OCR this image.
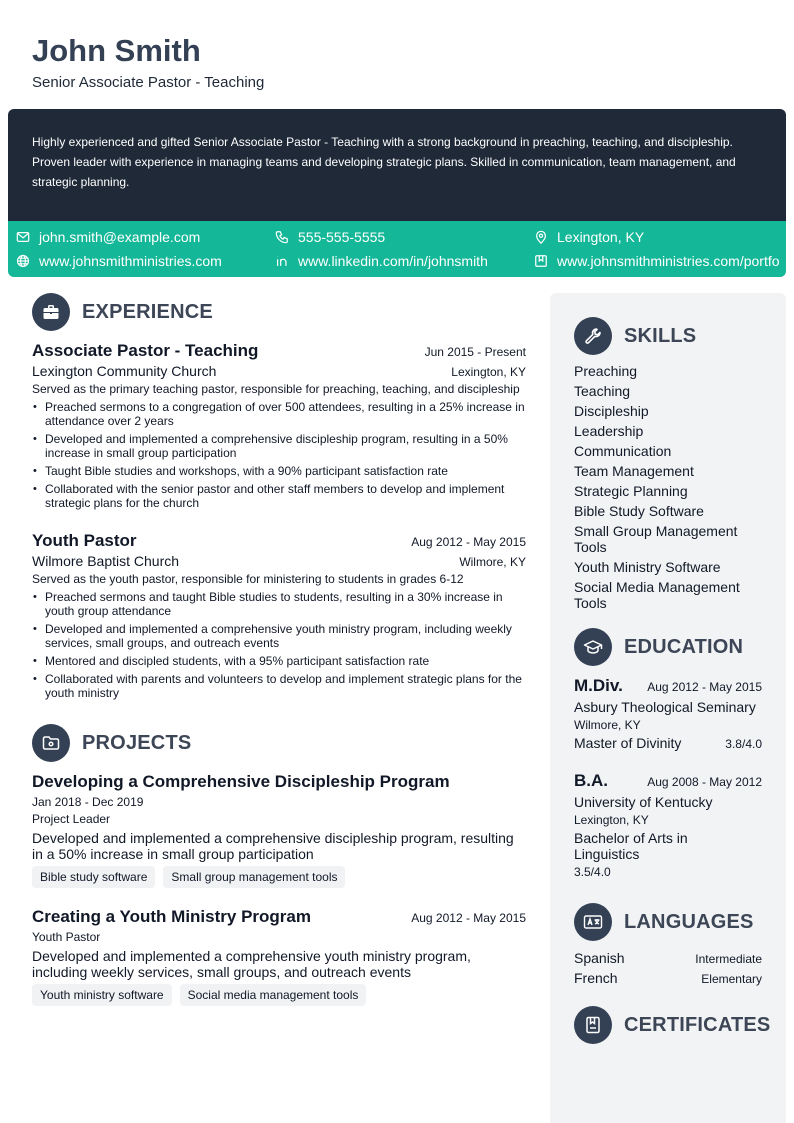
John Smith
Senior Associate Pastor - Teaching

Highly experienced and gifted Senior Associate Pastor - Teaching with a strong background in preaching, teaching, and discipleship. Proven leader with experience in managing teams and developing strategic plans. Skilled in communication, team management, and strategic planning.

john.smith@example.com	555-555-5555	Lexington, KY
www.johnsmithministries.com	www.linkedin.com/in/johnsmith	www.johnsmithministries.com/portfo
EXPERIENCE
Associate Pastor - Teaching	Jun 2015 - Present
Lexington Community Church	Lexington, KY
Served as the primary teaching pastor, responsible for preaching, teaching, and discipleship
• Preached sermons to a congregation of over 500 attendees, resulting in a 25% increase in attendance over 2 years
• Developed and implemented a comprehensive discipleship program, resulting in a 50% increase in small group participation
• Taught Bible studies and workshops, with a 90% participant satisfaction rate
• Collaborated with the senior pastor and other staff members to develop and implement strategic plans for the church
Youth Pastor	Aug 2012 - May 2015
Wilmore Baptist Church	Wilmore, KY
Served as the youth pastor, responsible for ministering to students in grades 6-12
• Preached sermons and taught Bible studies to students, resulting in a 30% increase in youth group attendance
• Developed and implemented a comprehensive youth ministry program, including weekly services, small groups, and outreach events
• Mentored and discipled students, with a 95% participant satisfaction rate
• Collaborated with parents and volunteers to develop and implement strategic plans for the youth ministry
PROJECTS
Developing a Comprehensive Discipleship Program
Jan 2018 - Dec 2019
Project Leader
Developed and implemented a comprehensive discipleship program, resulting in a 50% increase in small group participation
Bible study software	Small group management tools
Creating a Youth Ministry Program	Aug 2012 - May 2015
Youth Pastor
Developed and implemented a comprehensive youth ministry program, including weekly services, small groups, and outreach events
Youth ministry software	Social media management tools
SKILLS
Preaching
Teaching
Discipleship
Leadership
Communication
Team Management
Strategic Planning
Bible Study Software
Small Group Management Tools
Youth Ministry Software
Social Media Management Tools
EDUCATION
M.Div. Aug 2012 - May 2015
Asbury Theological Seminary
Wilmore, KY
Master of Divinity	3.8/4.0
B.A.	Aug 2008 - May 2012
University of Kentucky
Lexington, KY
Bachelor of Arts in Linguistics
3.5/4.0
LANGUAGES
Spanish	Intermediate
French	Elementary
CERTIFICATES
